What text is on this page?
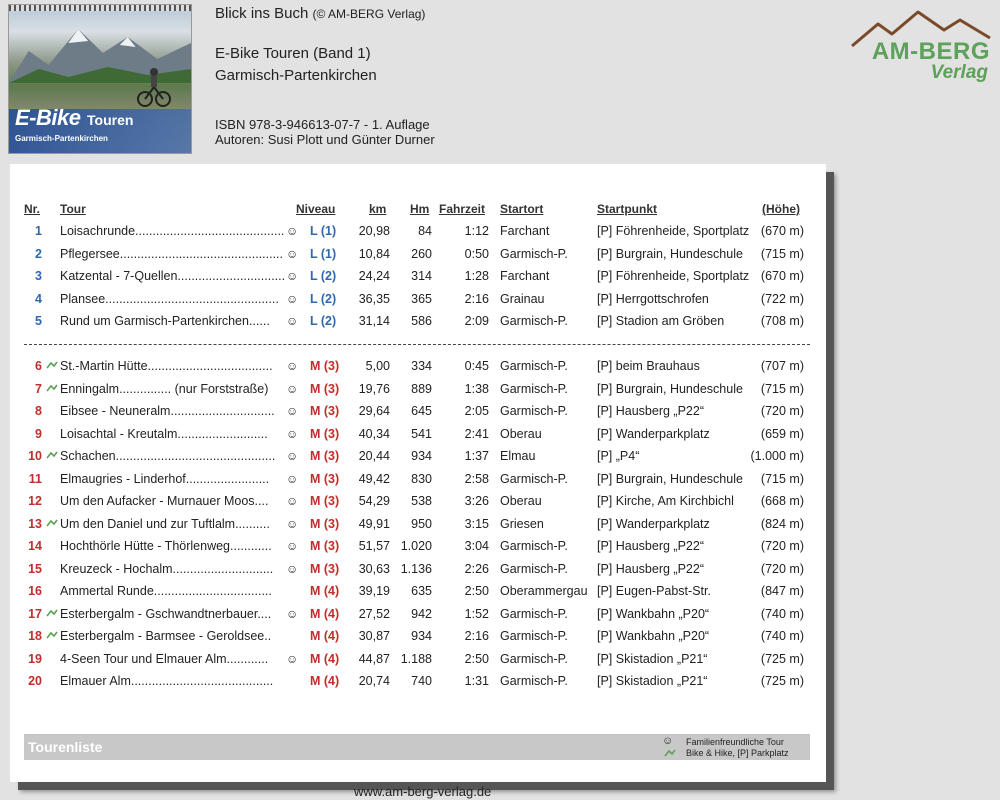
E-Bike Touren
Garmisch-Partenkirchen
Blick ins Buch (© AM-BERG Verlag)
E-Bike Touren (Band 1)
Garmisch-Partenkirchen
ISBN 978-3-946613-07-7 - 1. Auflage
Autoren: Susi Plott und Günter Durner
AM-BERG
Verlag
Nr. Tour	Niveau	km Hm Fahrzeit Startort	Startpunkt	(Höhe)
1 Loisachrunde........................................... ☺ L (1)	20,98	84	1:12 Farchant	[P] Föhrenheide, Sportplatz (670 m)
2 Pflegersee............................................... ☺ L (1)	10,84	260	0:50 Garmisch-P. [P] Burgrain, Hundeschule	(715 m)
3 Katzental - 7-Quellen............................... ☺ L (2)	24,24	314	1:28 Farchant	[P] Föhrenheide, Sportplatz (670 m)
4 Plansee.................................................. ☺ L (2)	36,35	365	2:16 Grainau	[P] Herrgottschrofen	(722 m)
5 Rund um Garmisch-Partenkirchen......	☺ L (2)	31,14	586	2:09 Garmisch-P. [P] Stadion am Gröben	(708 m)
6 St.-Martin Hütte....................................	☺ M (3)	5,00	334	0:45 Garmisch-P. [P] beim Brauhaus	(707 m)
7 Enningalm............... (nur Forststraße)	☺ M (3)	19,76	889	1:38 Garmisch-P. [P] Burgrain, Hundeschule	(715 m)
8 Eibsee - Neuneralm.............................. ☺ M (3)	29,64	645	2:05 Garmisch-P. [P] Hausberg „P22“	(720 m)
9 Loisachtal - Kreutalm..........................	☺ M (3)	40,34	541	2:41 Oberau	[P] Wanderparkplatz	(659 m)
10 Schachen.............................................. ☺ M (3)	20,44	934	1:37 Elmau	[P] „P4“	(1.000 m)
11 Elmaugries - Linderhof........................	☺ M (3)	49,42	830	2:58 Garmisch-P. [P] Burgrain, Hundeschule	(715 m)
12 Um den Aufacker - Murnauer Moos....	☺ M (3)	54,29	538	3:26 Oberau	[P] Kirche, Am Kirchbichl	(668 m)
13 Um den Daniel und zur Tuftlalm..........	☺ M (3)	49,91	950	3:15 Griesen	[P] Wanderparkplatz	(824 m)
14 Hochthörle Hütte - Thörlenweg............	☺ M (3)	51,57 1.020	3:04 Garmisch-P. [P] Hausberg „P22“	(720 m)
15 Kreuzeck - Hochalm.............................	☺ M (3)	30,63 1.136	2:26 Garmisch-P. [P] Hausberg „P22“	(720 m)
16 Ammertal Runde..................................	M (4)	39,19	635	2:50 Oberammergau [P] Eugen-Pabst-Str.	(847 m)
17 Esterbergalm - Gschwandtnerbauer....	☺ M (4)	27,52	942	1:52 Garmisch-P. [P] Wankbahn „P20“	(740 m)
18 Esterbergalm - Barmsee - Geroldsee..	M (4)	30,87	934	2:16 Garmisch-P. [P] Wankbahn „P20“	(740 m)
19 4-Seen Tour und Elmauer Alm............	☺ M (4)	44,87 1.188	2:50 Garmisch-P. [P] Skistadion „P21“	(725 m)
20 Elmauer Alm.........................................	M (4)	20,74	740	1:31 Garmisch-P. [P] Skistadion „P21“	(725 m)
Tourenliste	☺ Familienfreundliche Tour
Bike & Hike, [P] Parkplatz
www.am-berg-verlag.de
